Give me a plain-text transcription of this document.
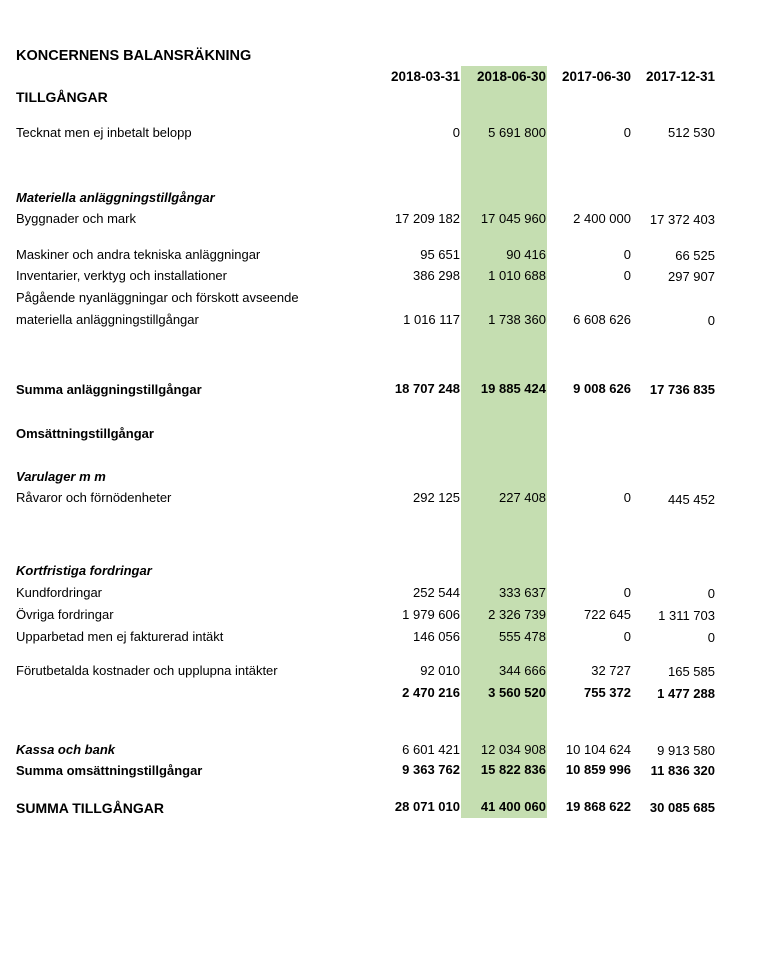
KONCERNENS BALANSRÄKNING
2018-03-31	2018-06-30	2017-06-30	2017-12-31
TILLGÅNGAR
Tecknat men ej inbetalt belopp	0	5 691 800	0	512 530
Materiella anläggningstillgångar
Byggnader och mark	17 209 182	17 045 960	2 400 000	17 372 403
Maskiner och andra tekniska anläggningar	95 651	90 416	0	66 525
Inventarier, verktyg och installationer	386 298	1 010 688	0	297 907
Pågående nyanläggningar och förskott avseende
materiella anläggningstillgångar	1 016 117	1 738 360	6 608 626	0
Summa anläggningstillgångar	18 707 248	19 885 424	9 008 626	17 736 835
Omsättningstillgångar
Varulager m m
Råvaror och förnödenheter	292 125	227 408	0	445 452
Kortfristiga fordringar
Kundfordringar	252 544	333 637	0	0
Övriga fordringar	1 979 606	2 326 739	722 645	1 311 703
Upparbetad men ej fakturerad intäkt	146 056	555 478	0	0
Förutbetalda kostnader och upplupna intäkter	92 010	344 666	32 727	165 585
2 470 216	3 560 520	755 372	1 477 288
Kassa och bank	6 601 421	12 034 908	10 104 624	9 913 580
Summa omsättningstillgångar	9 363 762	15 822 836	10 859 996	11 836 320
SUMMA TILLGÅNGAR	28 071 010	41 400 060	19 868 622	30 085 685
